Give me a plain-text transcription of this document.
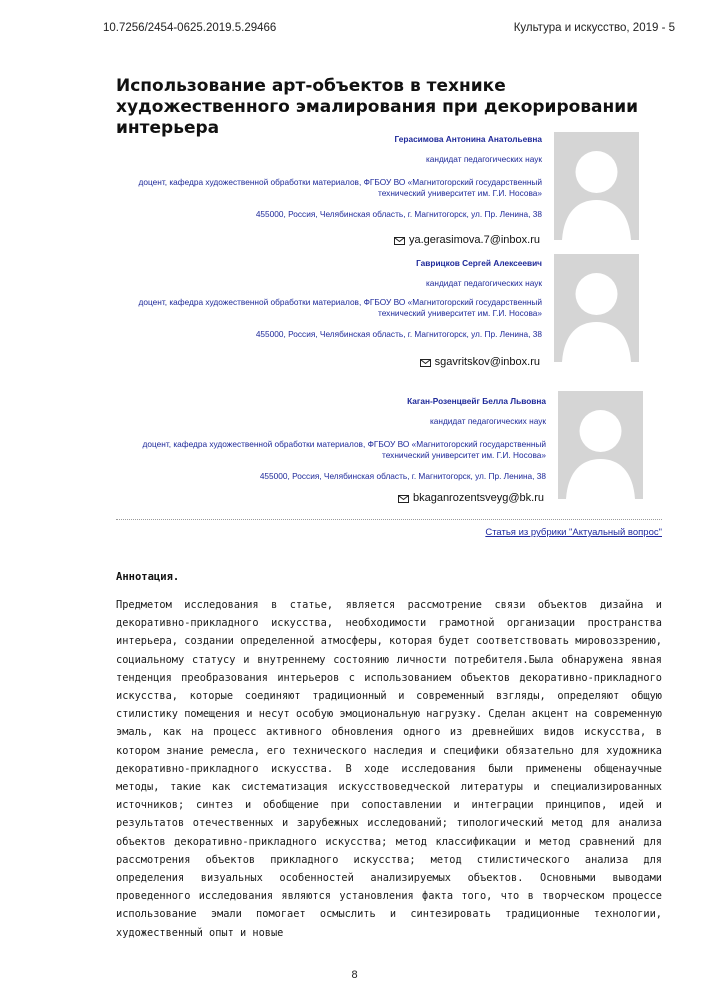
10.7256/2454-0625.2019.5.29466	Культура и искусство, 2019 - 5
Использование арт-объектов в технике художественного эмалирования при декорировании интерьера
Герасимова Антонина Анатольевна
кандидат педагогических наук
доцент, кафедра художественной обработки материалов, ФГБОУ ВО «Магнитогорский государственный технический университет им. Г.И. Носова»
455000, Россия, Челябинская область, г. Магнитогорск, ул. Пр. Ленина, 38
ya.gerasimova.7@inbox.ru
Гаврицков Сергей Алексеевич
кандидат педагогических наук
доцент, кафедра художественной обработки материалов, ФГБОУ ВО «Магнитогорский государственный технический университет им. Г.И. Носова»
455000, Россия, Челябинская область, г. Магнитогорск, ул. Пр. Ленина, 38
sgavritskov@inbox.ru
Каган-Розенцвейг Белла Львовна
кандидат педагогических наук
доцент, кафедра художественной обработки материалов, ФГБОУ ВО «Магнитогорский государственный технический университет им. Г.И. Носова»
455000, Россия, Челябинская область, г. Магнитогорск, ул. Пр. Ленина, 38
bkaganrozentsveyg@bk.ru
Статья из рубрики "Актуальный вопрос"
Аннотация.
Предметом исследования в статье, является рассмотрение связи объектов дизайна и декоративно-прикладного искусства, необходимости грамотной организации пространства интерьера, создании определенной атмосферы, которая будет соответствовать мировоззрению, социальному статусу и внутреннему состоянию личности потребителя.Была обнаружена явная тенденция преобразования интерьеров с использованием объектов декоративно-прикладного искусства, которые соединяют традиционный и современный взгляды, определяют общую стилистику помещения и несут особую эмоциональную нагрузку. Сделан акцент на современную эмаль, как на процесс активного обновления одного из древнейших видов искусства, в котором знание ремесла, его технического наследия и специфики обязательно для художника декоративно-прикладного искусства. В ходе исследования были применены общенаучные методы, такие как систематизация искусствоведческой литературы и специализированных источников; синтез и обобщение при сопоставлении и интеграции принципов, идей и результатов отечественных и зарубежных исследований; типологический метод для анализа объектов декоративно-прикладного искусства; метод классификации и метод сравнений для рассмотрения объектов прикладного искусства; метод стилистического анализа для определения визуальных особенностей анализируемых объектов. Основными выводами проведенного исследования являются установления факта того, что в творческом процессе использование эмали помогает осмыслить и синтезировать традиционные технологии, художественный опыт и новые
8
